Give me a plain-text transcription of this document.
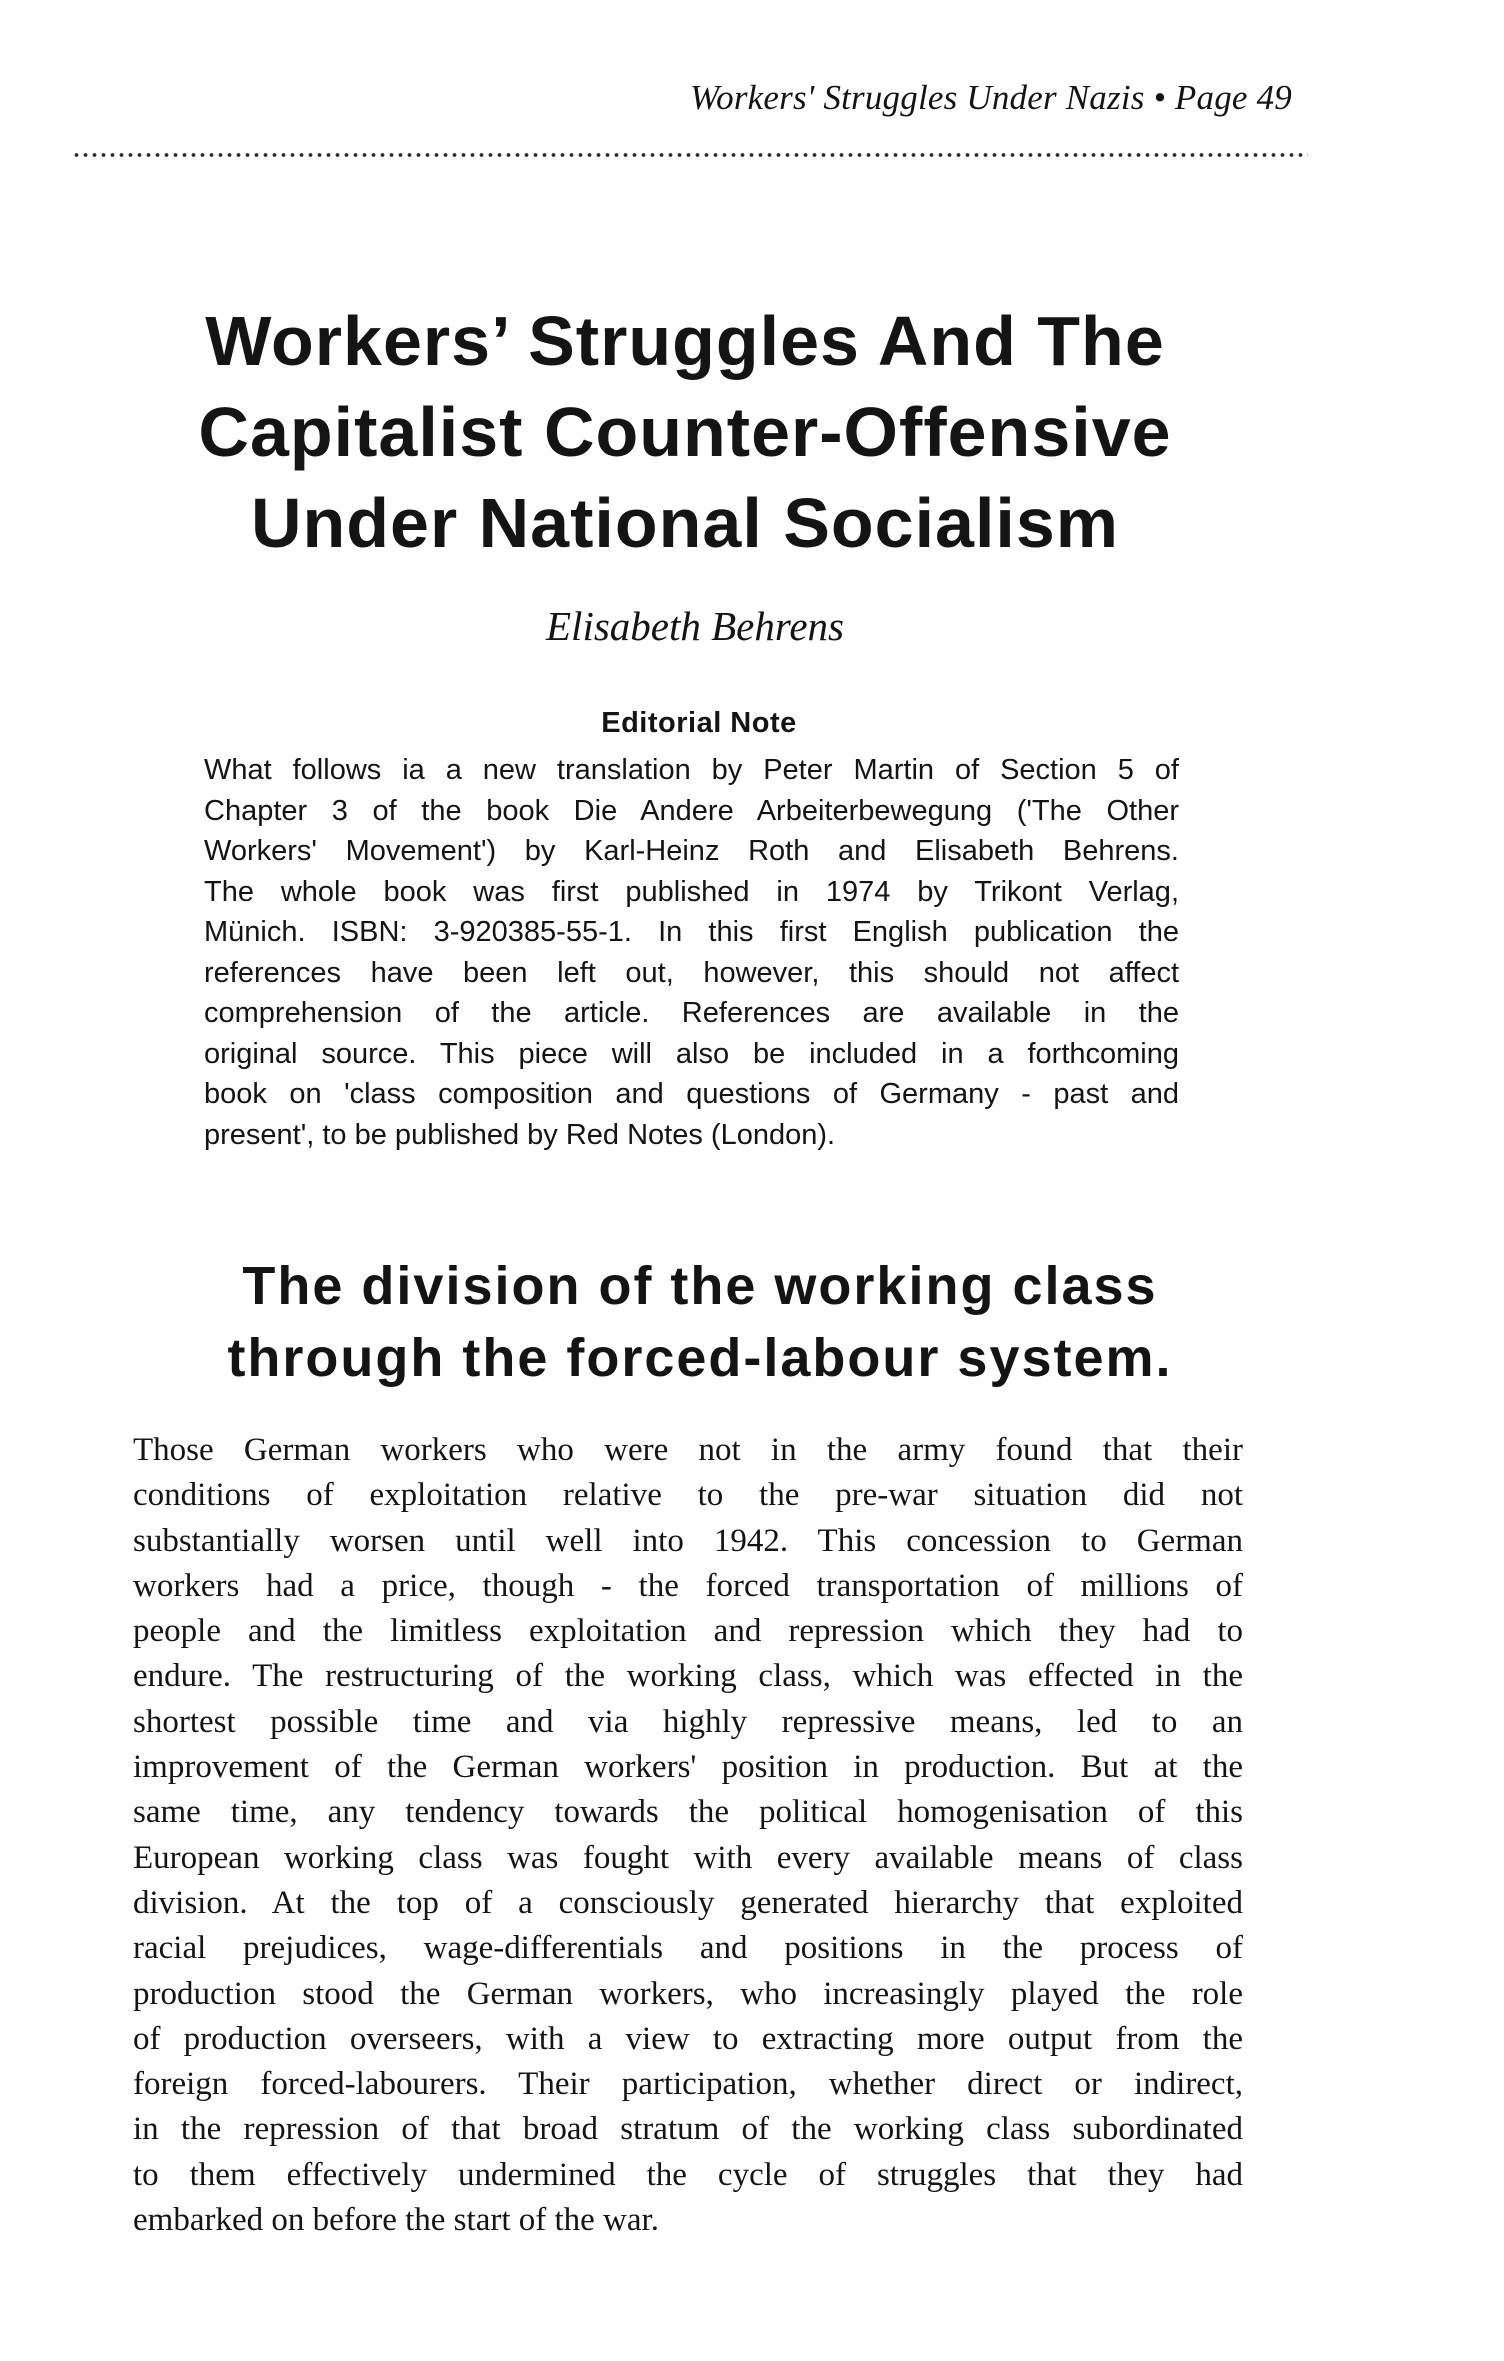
Workers' Struggles Under Nazis • Page 49
Workers’ Struggles And The
Capitalist Counter-Offensive
Under National Socialism
Elisabeth Behrens
Editorial Note
What follows ia a new translation by Peter Martin of Section 5 of
Chapter 3 of the book Die Andere Arbeiterbewegung ('The Other
Workers' Movement') by Karl-Heinz Roth and Elisabeth Behrens.
The whole book was first published in 1974 by Trikont Verlag,
Münich. ISBN: 3-920385-55-1. In this first English publication the
references have been left out, however, this should not affect
comprehension of the article. References are available in the
original source. This piece will also be included in a forthcoming
book on 'class composition and questions of Germany - past and
present', to be published by Red Notes (London).
The division of the working class
through the forced-labour system.
Those German workers who were not in the army found that their
conditions of exploitation relative to the pre-war situation did not
substantially worsen until well into 1942. This concession to German
workers had a price, though - the forced transportation of millions of
people and the limitless exploitation and repression which they had to
endure. The restructuring of the working class, which was effected in the
shortest possible time and via highly repressive means, led to an
improvement of the German workers' position in production. But at the
same time, any tendency towards the political homogenisation of this
European working class was fought with every available means of class
division. At the top of a consciously generated hierarchy that exploited
racial prejudices, wage-differentials and positions in the process of
production stood the German workers, who increasingly played the role
of production overseers, with a view to extracting more output from the
foreign forced-labourers. Their participation, whether direct or indirect,
in the repression of that broad stratum of the working class subordinated
to them effectively undermined the cycle of struggles that they had
embarked on before the start of the war.
